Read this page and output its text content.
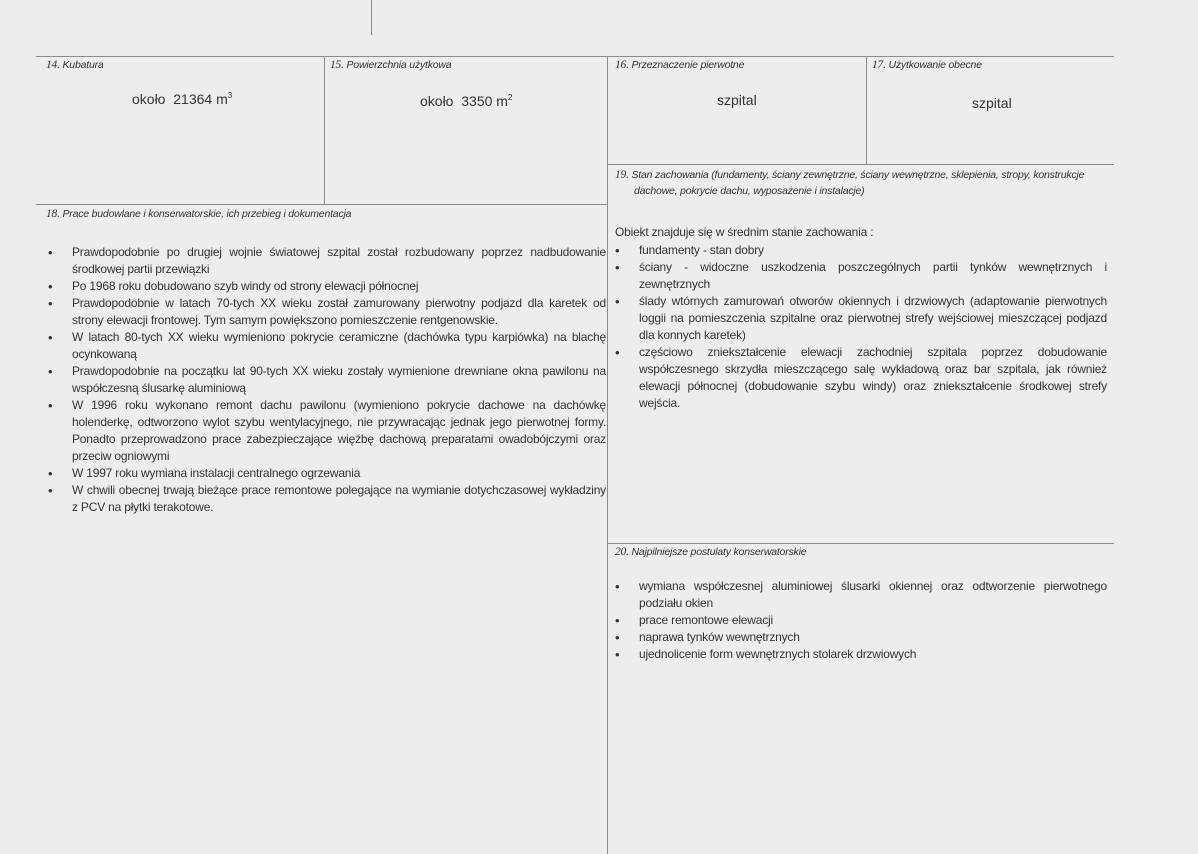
14. Kubatura
około 21364 $m^3$
15. Powierzchnia użytkowa
około 3350 $m^2$
16. Przeznaczenie pierwotne
szpital
17. Użytkowanie obecne
szpital
18. Prace budowlane i konserwatorskie, ich przebieg i dokumentacja
• Prawdopodobnie po drugiej wojnie światowej szpital został rozbudowany poprzez nadbudowanie środkowej partii przewiązki
• Po 1968 roku dobudowano szyb windy od strony elewacji północnej
• Prawdopodobnie w latach 70-tych XX wieku został zamurowany pierwotny podjazd dla karetek od strony elewacji frontowej. Tym samym powiększono pomieszczenie rentgenowskie.
• W latach 80-tych XX wieku wymieniono pokrycie ceramiczne (dachówka typu karpiówka) na blachę ocynkowaną
• Prawdopodobnie na początku lat 90-tych XX wieku zostały wymienione drewniane okna pawilonu na współczesną ślusarkę aluminiową
• W 1996 roku wykonano remont dachu pawilonu (wymieniono pokrycie dachowe na dachówkę holenderkę, odtworzono wylot szybu wentylacyjnego, nie przywracając jednak jego pierwotnej formy. Ponadto przeprowadzono prace zabezpieczające więźbę dachową preparatami owadobójczymi oraz przeciw ogniowymi
• W 1997 roku wymiana instalacji centralnego ogrzewania
• W chwili obecnej trwają bieżące prace remontowe polegające na wymianie dotychczasowej wykładziny z PCV na płytki terakotowe.
19. Stan zachowania (fundamenty, ściany zewnętrzne, ściany wewnętrzne, sklepienia, stropy, konstrukcje
dachowe, pokrycie dachu, wyposażenie i instalacje)
Obiekt znajduje się w średnim stanie zachowania :
• fundamenty - stan dobry
• ściany - widoczne uszkodzenia poszczególnych partii tynków wewnętrznych i zewnętrznych
• ślady wtórnych zamurowań otworów okiennych i drzwiowych (adaptowanie pierwotnych loggii na pomieszczenia szpitalne oraz pierwotnej strefy wejściowej mieszczącej podjazd dla konnych karetek)
• częściowo zniekształcenie elewacji zachodniej szpitala poprzez dobudowanie współczesnego skrzydła mieszczącego salę wykładową oraz bar szpitala, jak również elewacji północnej (dobudowanie szybu windy) oraz zniekształcenie środkowej strefy wejścia.
20. Najpilniejsze postulaty konserwatorskie
• wymiana współczesnej aluminiowej ślusarki okiennej oraz odtworzenie pierwotnego podziału okien
• prace remontowe elewacji
• naprawa tynków wewnętrznych
• ujednolicenie form wewnętrznych stolarek drzwiowych
